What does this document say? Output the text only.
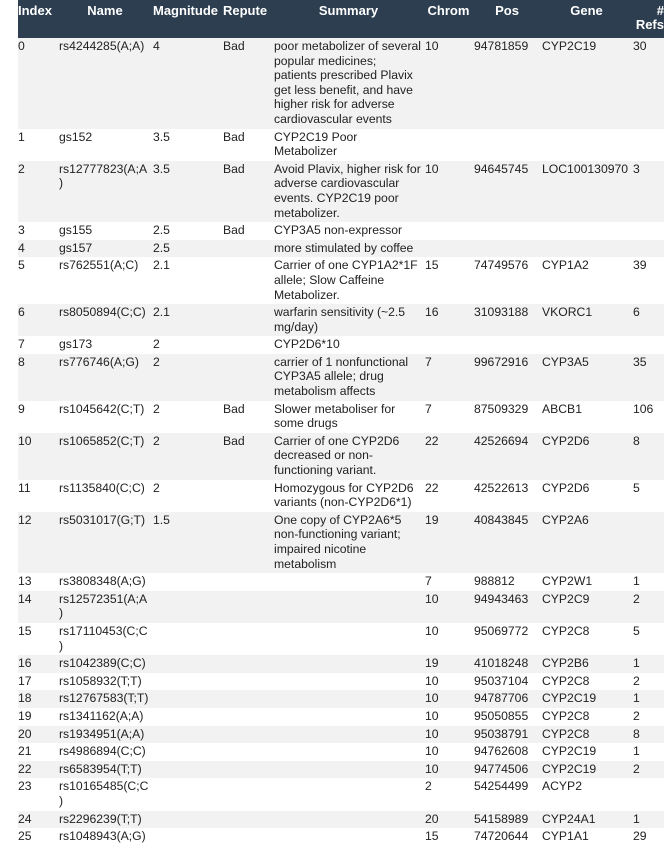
Index	Name	Magnitude	Repute	Summary	Chrom	Pos	Gene	#
Refs
0	rs4244285(A;A)	4	Bad	poor metabolizer of several popular medicines; patients prescribed Plavix get less benefit, and have higher risk for adverse cardiovascular events	10	94781859	CYP2C19	30
1	gs152	3.5	Bad	CYP2C19 Poor Metabolizer				
2	rs12777823(A;A)	3.5	Bad	Avoid Plavix, higher risk for adverse cardiovascular events. CYP2C19 poor metabolizer.	10	94645745	LOC100130970	3
3	gs155	2.5	Bad	CYP3A5 non-expressor				
4	gs157	2.5		more stimulated by coffee				
5	rs762551(A;C)	2.1		Carrier of one CYP1A2*1F allele; Slow Caffeine Metabolizer.	15	74749576	CYP1A2	39
6	rs8050894(C;C)	2.1		warfarin sensitivity (~2.5 mg/day)	16	31093188	VKORC1	6
7	gs173	2		CYP2D6*10				
8	rs776746(A;G)	2		carrier of 1 nonfunctional CYP3A5 allele; drug metabolism affects	7	99672916	CYP3A5	35
9	rs1045642(C;T)	2	Bad	Slower metaboliser for some drugs	7	87509329	ABCB1	106
10	rs1065852(C;T)	2	Bad	Carrier of one CYP2D6 decreased or non-functioning variant.	22	42526694	CYP2D6	8
11	rs1135840(C;C)	2		Homozygous for CYP2D6 variants (non-CYP2D6*1)	22	42522613	CYP2D6	5
12	rs5031017(G;T)	1.5		One copy of CYP2A6*5 non-functioning variant; impaired nicotine metabolism	19	40843845	CYP2A6	
13	rs3808348(A;G)				7	988812	CYP2W1	1
14	rs12572351(A;A)				10	94943463	CYP2C9	2
15	rs17110453(C;C)				10	95069772	CYP2C8	5
16	rs1042389(C;C)				19	41018248	CYP2B6	1
17	rs1058932(T;T)				10	95037104	CYP2C8	2
18	rs12767583(T;T)				10	94787706	CYP2C19	1
19	rs1341162(A;A)				10	95050855	CYP2C8	2
20	rs1934951(A;A)				10	95038791	CYP2C8	8
21	rs4986894(C;C)				10	94762608	CYP2C19	1
22	rs6583954(T;T)				10	94774506	CYP2C19	2
23	rs10165485(C;C)				2	54254499	ACYP2	
24	rs2296239(T;T)				20	54158989	CYP24A1	1
25	rs1048943(A;G)				15	74720644	CYP1A1	29
